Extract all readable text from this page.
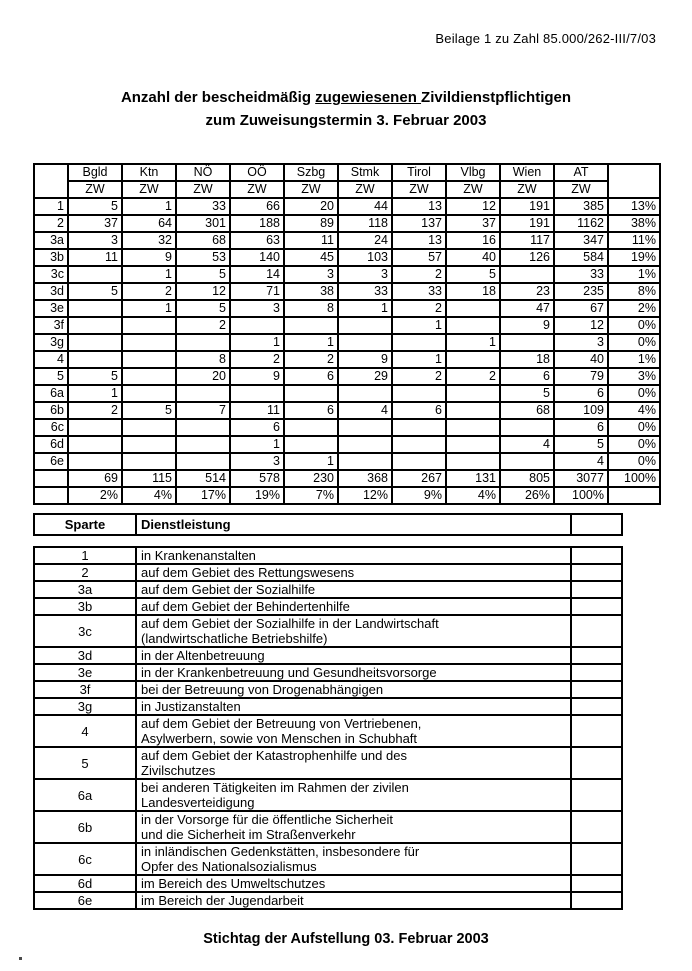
Beilage 1 zu Zahl 85.000/262-III/7/03
Anzahl der bescheidmäßig zugewiesenen Zivildienstpflichtigen
zum Zuweisungstermin 3. Februar 2003
	Bgld	Ktn	NÖ	OÖ	Szbg	Stmk	Tirol	Vlbg	Wien	AT	
	ZW	ZW	ZW	ZW	ZW	ZW	ZW	ZW	ZW	ZW	
1	5	1	33	66	20	44	13	12	191	385	13%
2	37	64	301	188	89	118	137	37	191	1162	38%
3a	3	32	68	63	11	24	13	16	117	347	11%
3b	11	9	53	140	45	103	57	40	126	584	19%
3c		1	5	14	3	3	2	5		33	1%
3d	5	2	12	71	38	33	33	18	23	235	8%
3e		1	5	3	8	1	2		47	67	2%
3f			2				1		9	12	0%
3g				1	1			1		3	0%
4			8	2	2	9	1		18	40	1%
5	5		20	9	6	29	2	2	6	79	3%
6a	1								5	6	0%
6b	2	5	7	11	6	4	6		68	109	4%
6c				6						6	0%
6d				1					4	5	0%
6e				3	1					4	0%
	69	115	514	578	230	368	267	131	805	3077	100%
	2%	4%	17%	19%	7%	12%	9%	4%	26%	100%	
Sparte	Dienstleistung	
1	in Krankenanstalten	

2	auf dem Gebiet des Rettungswesens	

3a	auf dem Gebiet der Sozialhilfe	

3b	auf dem Gebiet der Behindertenhilfe	

3c	auf dem Gebiet der Sozialhilfe in der Landwirtschaft
(landwirtschatliche Betriebshilfe)	

3d	in der Altenbetreuung	

3e	in der Krankenbetreuung und Gesundheitsvorsorge	

3f	bei der Betreuung von Drogenabhängigen	

3g	in Justizanstalten	

4	auf dem Gebiet der Betreuung von Vertriebenen,
Asylwerbern, sowie von Menschen in Schubhaft	

5	auf dem Gebiet der Katastrophenhilfe und des
Zivilschutzes	

6a	bei anderen Tätigkeiten im Rahmen der zivilen
Landesverteidigung	

6b	in der Vorsorge für die öffentliche Sicherheit
und die Sicherheit im Straßenverkehr	

6c	in inländischen Gedenkstätten, insbesondere für
Opfer des Nationalsozialismus	

6d	im Bereich des Umweltschutzes	

6e	im Bereich der Jugendarbeit	

Stichtag der Aufstellung 03. Februar 2003
